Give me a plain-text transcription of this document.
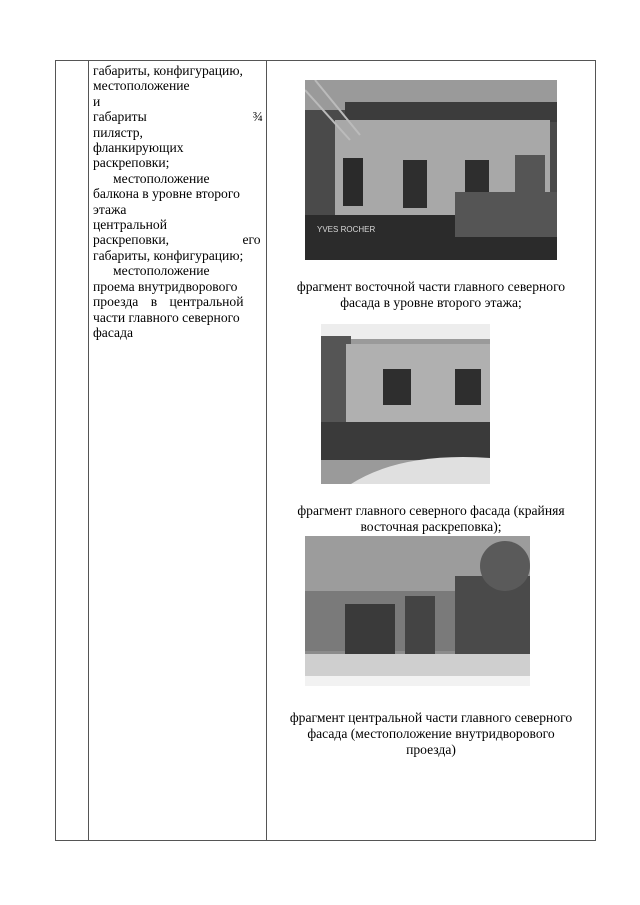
габариты, конфигурацию,

местоположение и

габариты ¾ пилястр,

фланкирующих

раскреповки;

местоположение

балкона в уровне второго

этажа центральной

раскреповки, его

габариты, конфигурацию;

местоположение

проема внутридворового

проезда в центральной

части главного северного

фасада

YVES ROCHER
фрагмент восточной части главного северного
фасада в уровне второго этажа;
фрагмент главного северного фасада (крайняя
восточная раскреповка);
фрагмент центральной части главного северного
фасада (местоположение внутридворового
проезда)
